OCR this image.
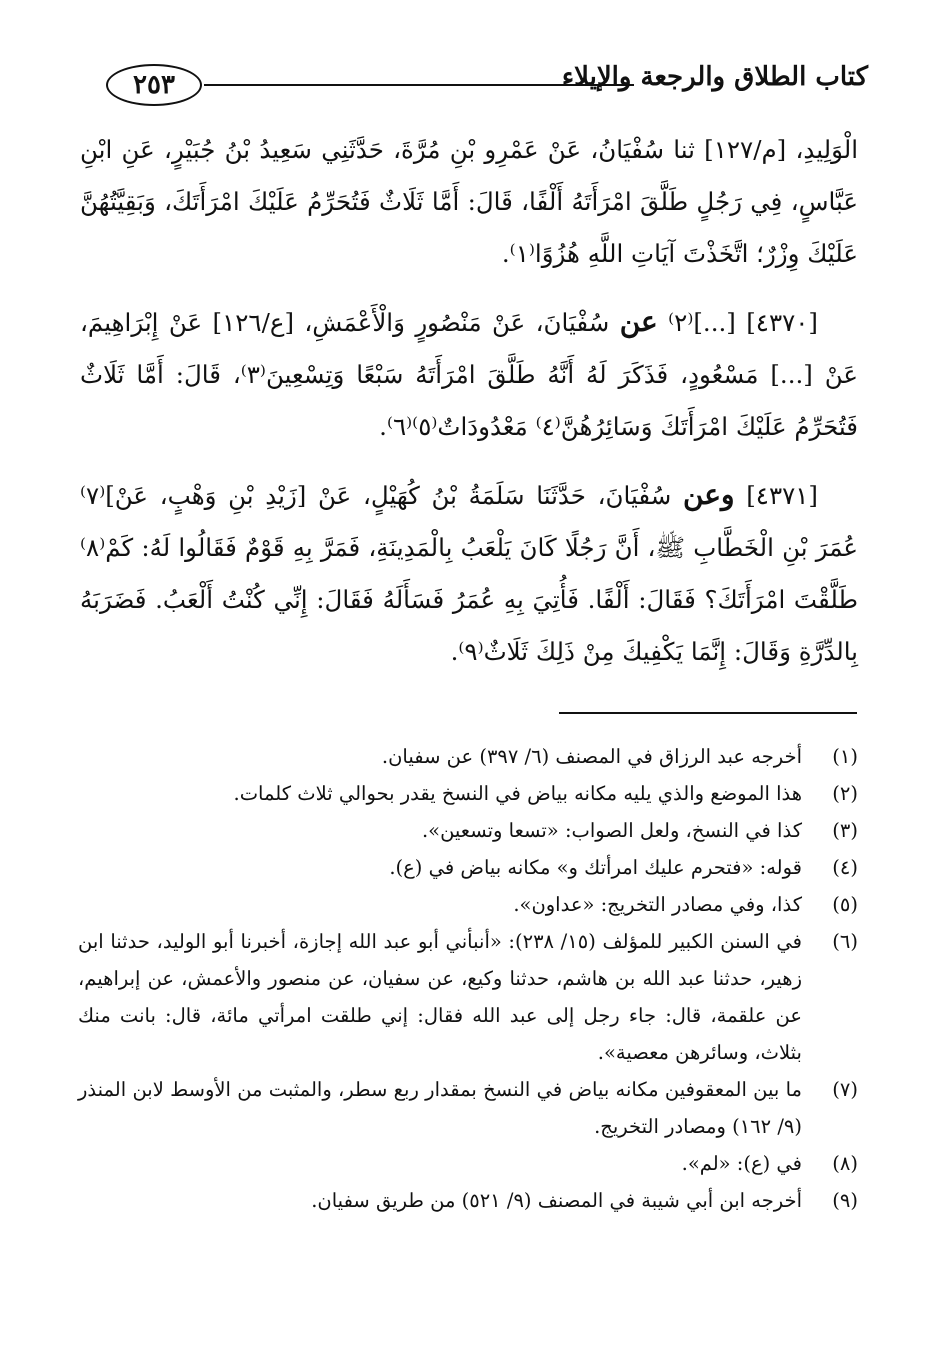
٢٥٣	كتاب الطلاق والرجعة والإيلاء

الْوَلِيدِ، [م/١٢٧] ثنا سُفْيَانُ، عَنْ عَمْرِو بْنِ مُرَّةَ، حَدَّثَنِي سَعِيدُ بْنُ جُبَيْرٍ، عَنِ ابْنِ عَبَّاسٍ، فِي رَجُلٍ طَلَّقَ امْرَأَتَهُ أَلْفًا، قَالَ: أَمَّا ثَلَاثٌ فَتُحَرِّمُ عَلَيْكَ امْرَأَتَكَ، وَبَقِيَّتُهُنَّ عَلَيْكَ وِزْرٌ؛ اتَّخَذْتَ آيَاتِ اللَّهِ هُزُوًا⁽١⁾.

[٤٣٧٠] [...]⁽٢⁾ عن سُفْيَانَ، عَنْ مَنْصُورٍ وَالْأَعْمَشِ، [ع/١٢٦] عَنْ إِبْرَاهِيمَ، عَنْ [...] مَسْعُودٍ، فَذَكَرَ لَهُ أَنَّهُ طَلَّقَ امْرَأَتَهُ سَبْعًا وَتِسْعِينَ⁽٣⁾، قَالَ: أَمَّا ثَلَاثٌ فَتُحَرِّمُ عَلَيْكَ امْرَأَتَكَ وَسَائِرُهُنَّ⁽٤⁾ مَعْدُودَاتٌ⁽٥⁾⁽٦⁾.

[٤٣٧١] وعن سُفْيَانَ، حَدَّثَنَا سَلَمَةُ بْنُ كُهَيْلٍ، عَنْ [زَيْدِ بْنِ وَهْبٍ، عَنْ]⁽٧⁾ عُمَرَ بْنِ الْخَطَّابِ ﷺ، أَنَّ رَجُلًا كَانَ يَلْعَبُ بِالْمَدِينَةِ، فَمَرَّ بِهِ قَوْمٌ فَقَالُوا لَهُ: كَمْ⁽٨⁾ طَلَّقْتَ امْرَأَتَكَ؟ فَقَالَ: أَلْفًا. فَأُتِيَ بِهِ عُمَرُ فَسَأَلَهُ فَقَالَ: إِنِّي كُنْتُ أَلْعَبُ. فَضَرَبَهُ بِالدِّرَّةِ وَقَالَ: إِنَّمَا يَكْفِيكَ مِنْ ذَلِكَ ثَلَاثٌ⁽٩⁾.

(١)
أخرجه عبد الرزاق في المصنف (٦/ ٣٩٧) عن سفيان.
(٢)
هذا الموضع والذي يليه مكانه بياض في النسخ يقدر بحوالي ثلاث كلمات.
(٣)
كذا في النسخ، ولعل الصواب: «تسعا وتسعين».
(٤)
قوله: «فتحرم عليك امرأتك و» مكانه بياض في (ع).
(٥)
كذا، وفي مصادر التخريج: «عداون».
(٦)
في السنن الكبير للمؤلف (١٥/ ٢٣٨): «أنبأني أبو عبد الله إجازة، أخبرنا أبو الوليد، حدثنا ابن زهير، حدثنا عبد الله بن هاشم، حدثنا وكيع، عن سفيان، عن منصور والأعمش، عن إبراهيم، عن علقمة، قال: جاء رجل إلى عبد الله فقال: إني طلقت امرأتي مائة، قال: بانت منك بثلاث، وسائرهن معصية».
(٧)
ما بين المعقوفين مكانه بياض في النسخ بمقدار ربع سطر، والمثبت من الأوسط لابن المنذر (٩/ ١٦٢) ومصادر التخريج.
(٨)
في (ع): «لم».
(٩)
أخرجه ابن أبي شيبة في المصنف (٩/ ٥٢١) من طريق سفيان.
